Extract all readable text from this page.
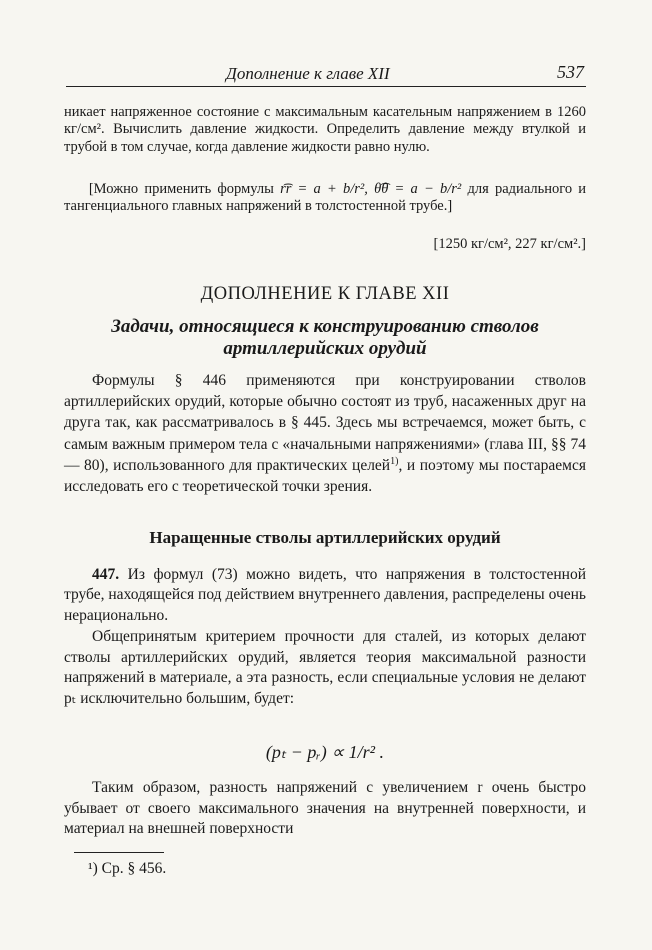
Дополнение к главе XII	537
никает напряженное состояние с максимальным касательным напряжением в 1260 кг/см². Вычислить давление жидкости. Определить давление между втулкой и трубой в том случае, когда давление жидкости равно нулю.
[Можно применить формулы r͡r = a + b/r², θ͡θ = a − b/r² для радиального и тангенциального главных напряжений в толстостенной трубе.]
[1250 кг/см², 227 кг/см².]
ДОПОЛНЕНИЕ К ГЛАВЕ XII
Задачи, относящиеся к конструированию стволов
артиллерийских орудий
Формулы § 446 применяются при конструировании стволов артиллерийских орудий, которые обычно состоят из труб, насаженных друг на друга так, как рассматривалось в § 445. Здесь мы встречаемся, может быть, с самым важным примером тела с «начальными напряжениями» (глава III, §§ 74 — 80), использованного для практических целей$^{1)}$, и поэтому мы постараемся исследовать его с теоретической точки зрения.
Наращенные стволы артиллерийских орудий
447. Из формул (73) можно видеть, что напряжения в толстостенной трубе, находящейся под действием внутреннего давления, распределены очень нерационально.
Общепринятым критерием прочности для сталей, из которых делают стволы артиллерийских орудий, является теория максимальной разности напряжений в материале, а эта разность, если специальные условия не делают pₜ исключительно большим, будет:
(pₜ − pᵣ) ∝ 1/r² .
Таким образом, разность напряжений с увеличением r очень быстро убывает от своего максимального значения на внутренней поверхности, и материал на внешней поверхности
¹) Ср. § 456.
